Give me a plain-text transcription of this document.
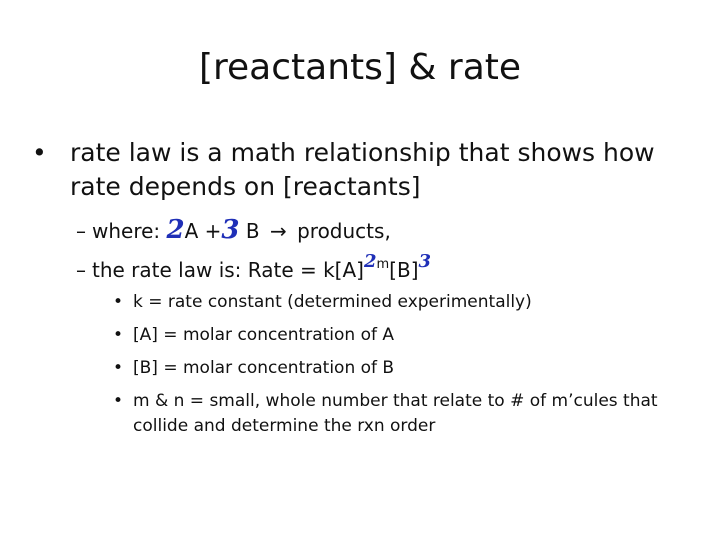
[reactants] & rate
• rate law is a math relationship that shows how rate depends on [reactants]
– where: 2A +3 B → products,
– the rate law is: Rate = $k[A]2^m[B]3$
• k = rate constant (determined experimentally)
• [A] = molar concentration of A
• [B] = molar concentration of B
• m & n = small, whole number that relate to # of m’cules that collide and determine the rxn order
